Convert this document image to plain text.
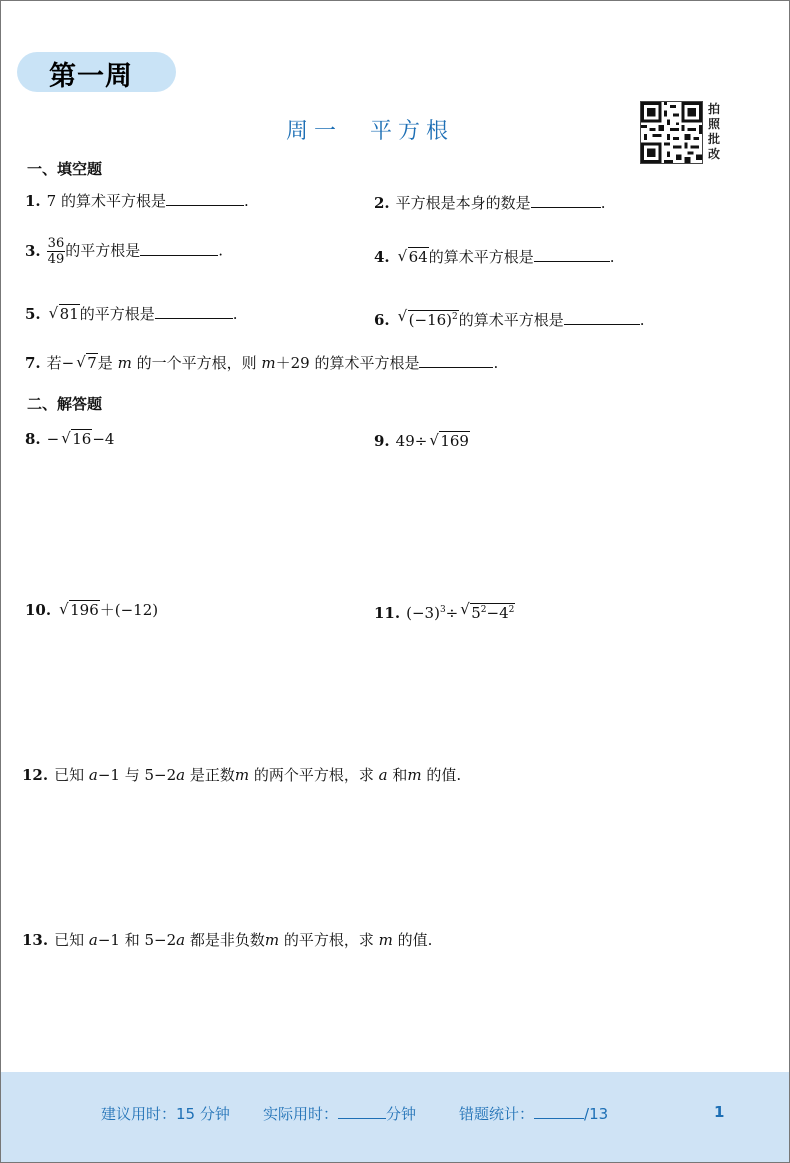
第一周
周一　平方根
拍
照
批
改
一、填空题
1. 7 的算术平方根是	.	2. 平方根是本身的数是	.
3. $\frac{36}{49}$ 的平方根是	.	4.√ 64的算术平方根是	.
5.√ 81的平方根是	.	6.√ $(-16)^2$的算术平方根是	.
7. 若−√ 7是 m 的一个平方根，则 m＋29 的算术平方根是	.
二、解答题
8. −√ 16−4	9. 49÷√ 169
10.√ 196＋(−12)	11. $(-3)^3\div√$ $5^2-4^2$
12. 已知 a−1 与 5−2a 是正数m 的两个平方根，求 a 和m 的值.
13. 已知 a−1 和 5−2a 都是非负数m 的平方根，求 m 的值.
建议用时：15 分钟 实际用时：	分钟	错题统计：	/13	1
